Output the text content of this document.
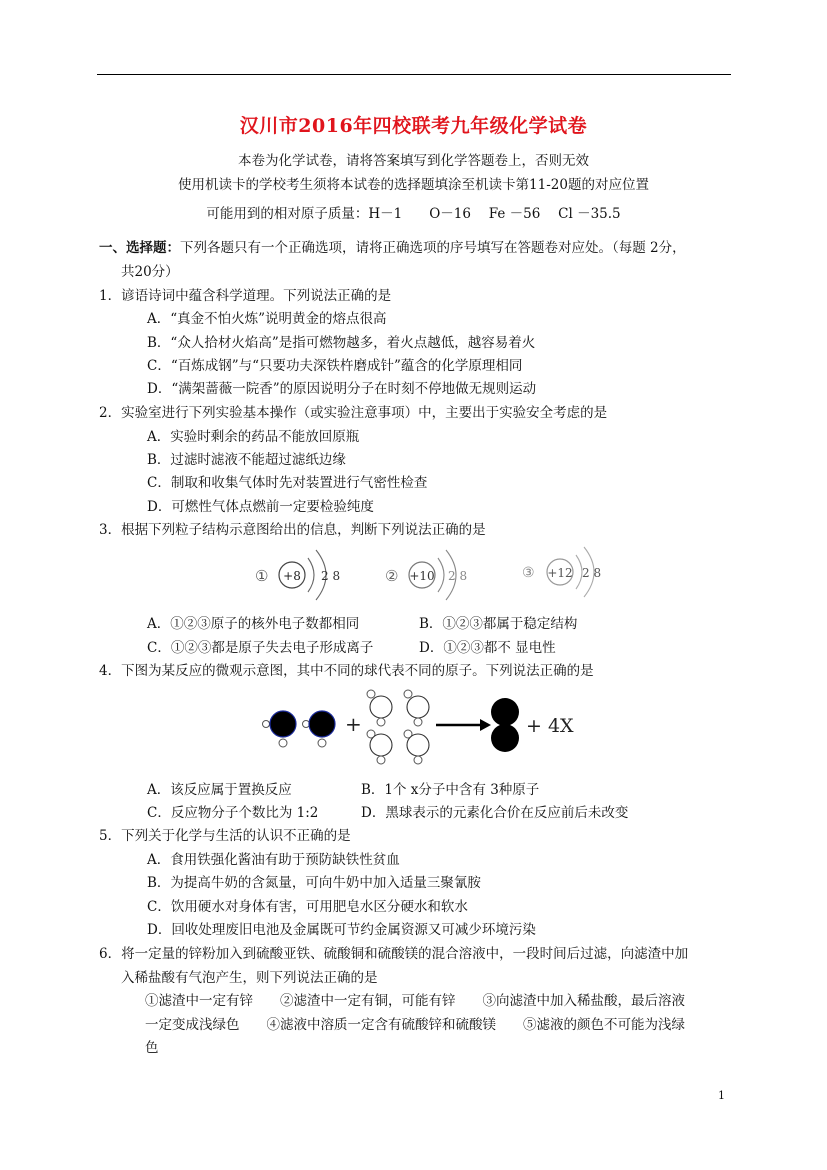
汉川市2016年四校联考九年级化学试卷
本卷为化学试卷，请将答案填写到化学答题卷上，否则无效
使用机读卡的学校考生须将本试卷的选择题填涂至机读卡第11-20题的对应位置
可能用到的相对原子质量：H－1　　O－16　 Fe －56　 Cl －35.5
一、选择题：下列各题只有一个正确选项，请将正确选项的序号填写在答题卷对应处。（每题 2分，
共20分）
1．谚语诗词中蕴含科学道理。下列说法正确的是
A．“真金不怕火炼”说明黄金的熔点很高
B．“众人拾材火焰高”是指可燃物越多，着火点越低，越容易着火
C．“百炼成钢”与“只要功夫深铁杵磨成针”蕴含的化学原理相同
D．“满架蔷薇一院香”的原因说明分子在时刻不停地做无规则运动
2．实验室进行下列实验基本操作（或实验注意事项）中，主要出于实验安全考虑的是
A．实验时剩余的药品不能放回原瓶
B．过滤时滤液不能超过滤纸边缘
C．制取和收集气体时先对装置进行气密性检查
D．可燃性气体点燃前一定要检验纯度
3．根据下列粒子结构示意图给出的信息，判断下列说法正确的是
① +8 2 8	② +10 2 8	③ +12 2 8
A．①②③原子的核外电子数都相同	B．①②③都属于稳定结构
C．①②③都是原子失去电子形成离子	D．①②③都不 显电性
4．下图为某反应的微观示意图，其中不同的球代表不同的原子。下列说法正确的是
+	+ 4X
A．该反应属于置换反应	B．1个 x分子中含有 3种原子
C．反应物分子个数比为 1:2	D．黑球表示的元素化合价在反应前后未改变
5．下列关于化学与生活的认识不正确的是
A．食用铁强化酱油有助于预防缺铁性贫血
B．为提高牛奶的含氮量，可向牛奶中加入适量三聚氰胺
C．饮用硬水对身体有害，可用肥皂水区分硬水和软水
D．回收处理废旧电池及金属既可节约金属资源又可减少环境污染
6．将一定量的锌粉加入到硫酸亚铁、硫酸铜和硫酸镁的混合溶液中，一段时间后过滤，向滤渣中加
入稀盐酸有气泡产生，则下列说法正确的是
①滤渣中一定有锌　　②滤渣中一定有铜，可能有锌　　③向滤渣中加入稀盐酸，最后溶液
一定变成浅绿色　　④滤液中溶质一定含有硫酸锌和硫酸镁　　⑤滤液的颜色不可能为浅绿
色
1
